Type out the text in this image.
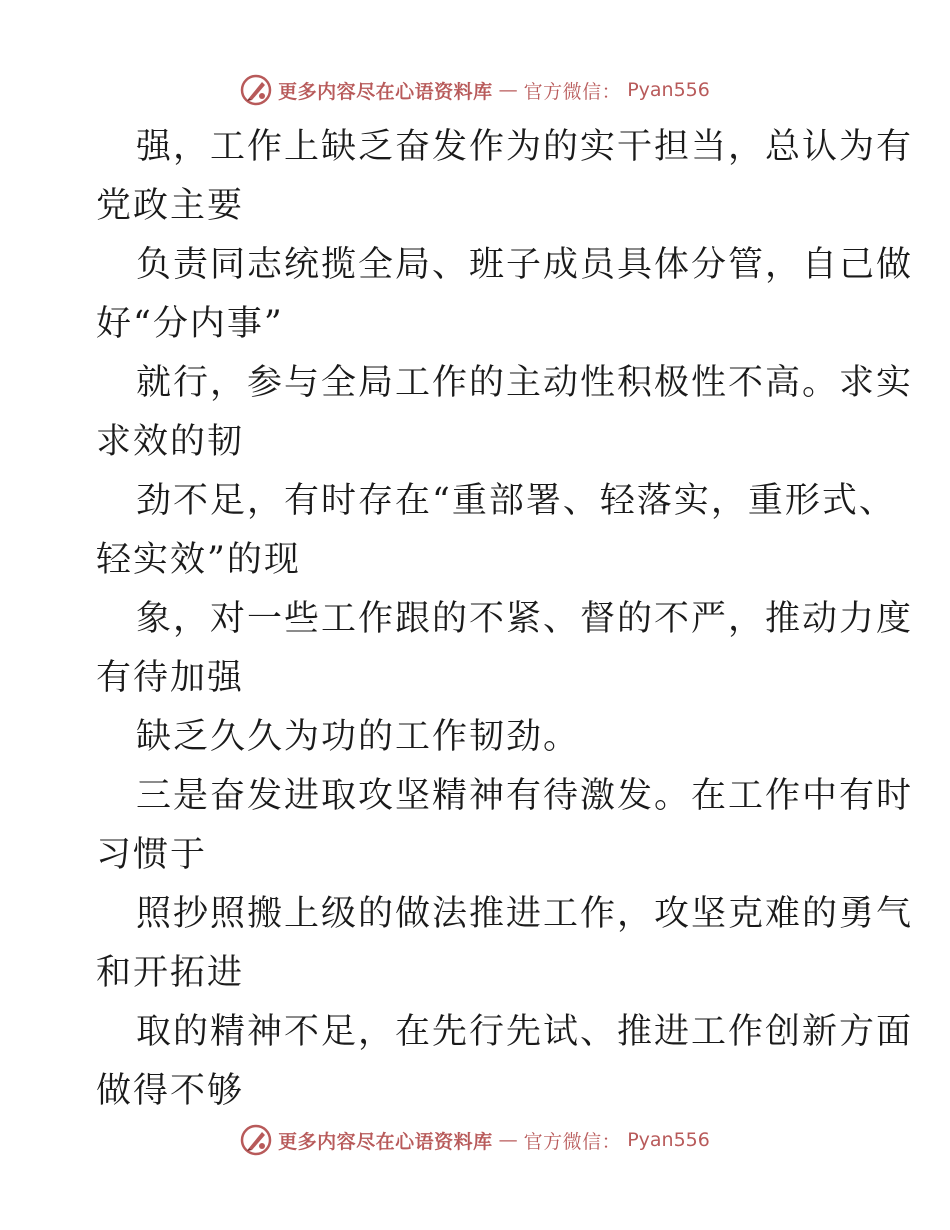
更多内容尽在心语资料库 — 官方微信： Pyan556
强，工作上缺乏奋发作为的实干担当，总认为有
党政主要
负责同志统揽全局、班子成员具体分管，自己做
好“分内事”
就行，参与全局工作的主动性积极性不高。求实
求效的韧
劲不足，有时存在“重部署、轻落实，重形式、
轻实效”的现
象，对一些工作跟的不紧、督的不严，推动力度
有待加强
缺乏久久为功的工作韧劲。
三是奋发进取攻坚精神有待激发。在工作中有时
习惯于
照抄照搬上级的做法推进工作，攻坚克难的勇气
和开拓进
取的精神不足，在先行先试、推进工作创新方面
做得不够
更多内容尽在心语资料库 — 官方微信： Pyan556
